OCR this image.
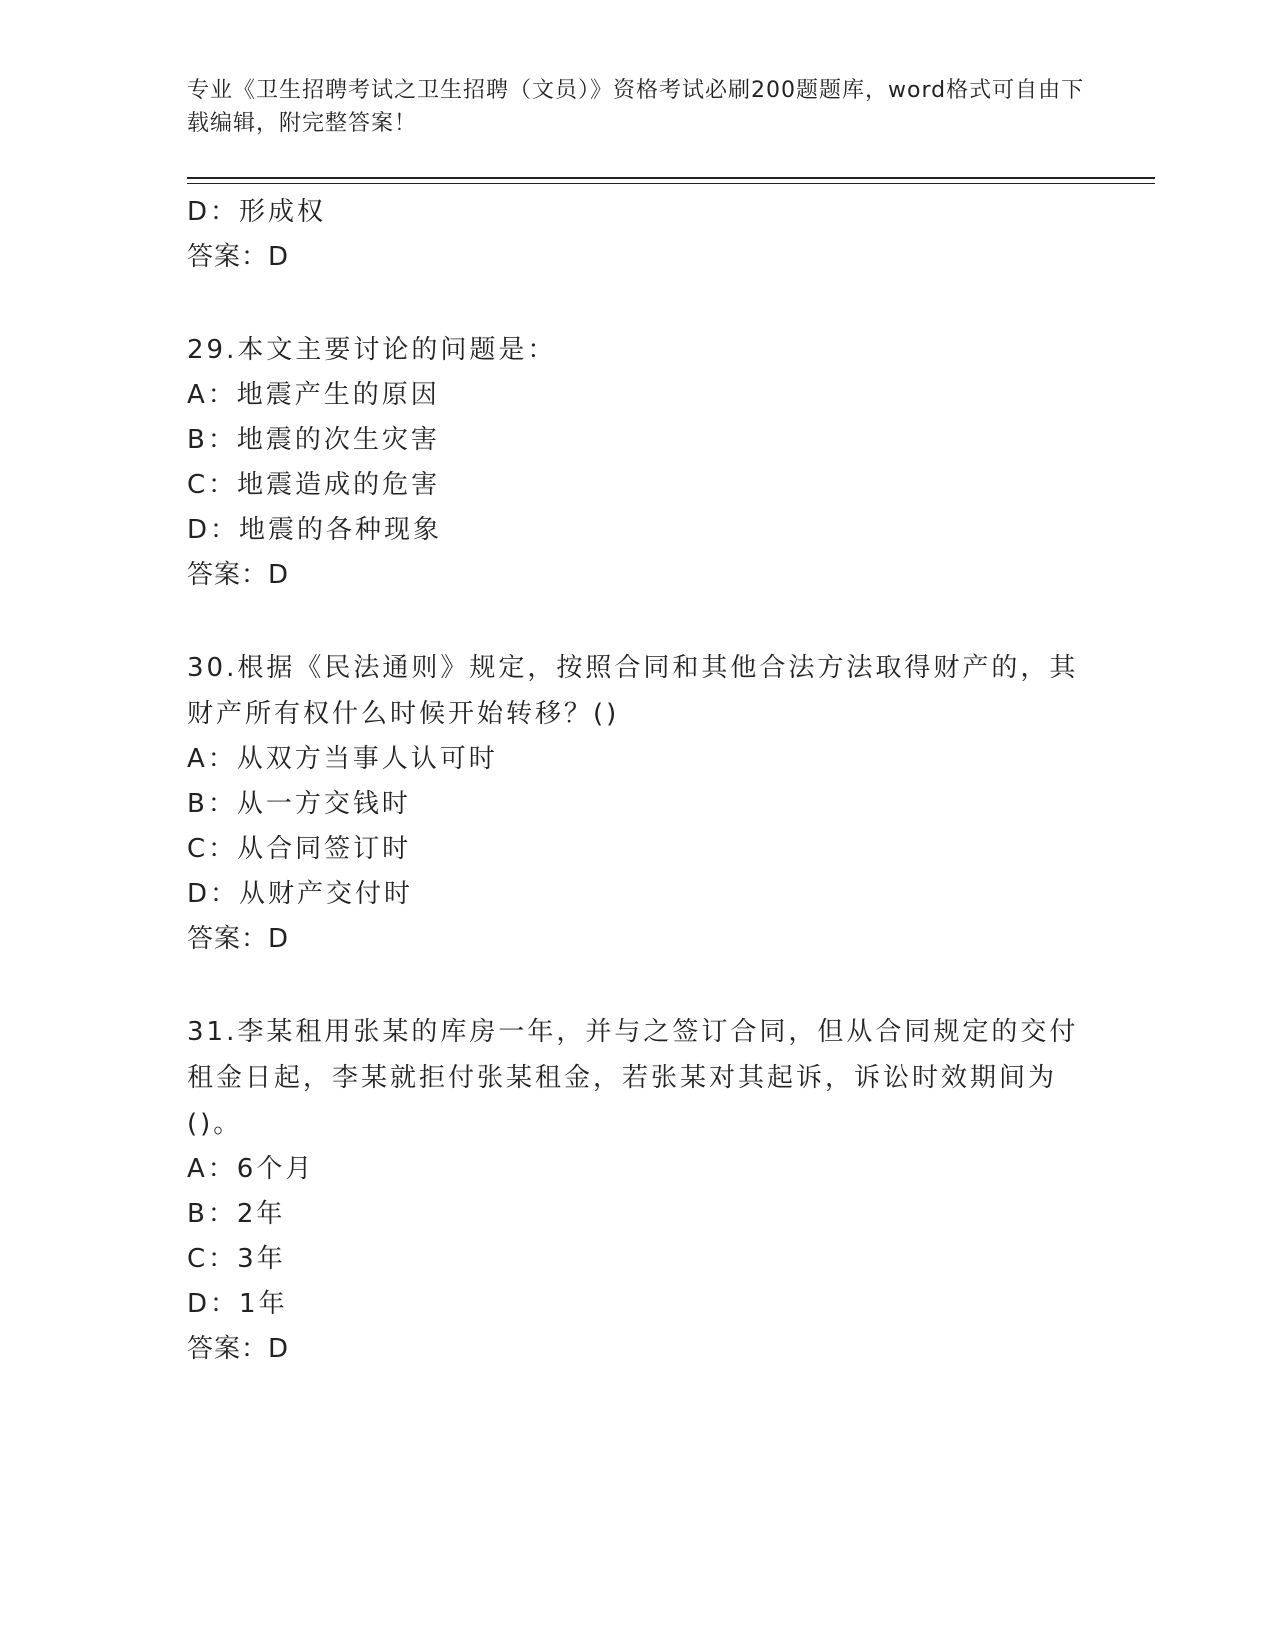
专业《卫生招聘考试之卫生招聘（文员）》资格考试必刷200题题库，word格式可自由下载编辑，附完整答案！
D：形成权
答案：D
29.本文主要讨论的问题是：
A：地震产生的原因
B：地震的次生灾害
C：地震造成的危害
D：地震的各种现象
答案：D
30.根据《民法通则》规定，按照合同和其他合法方法取得财产的，其财产所有权什么时候开始转移？()
A：从双方当事人认可时
B：从一方交钱时
C：从合同签订时
D：从财产交付时
答案：D
31.李某租用张某的库房一年，并与之签订合同，但从合同规定的交付租金日起，李某就拒付张某租金，若张某对其起诉，诉讼时效期间为()。
A：6个月
B：2年
C：3年
D：1年
答案：D
